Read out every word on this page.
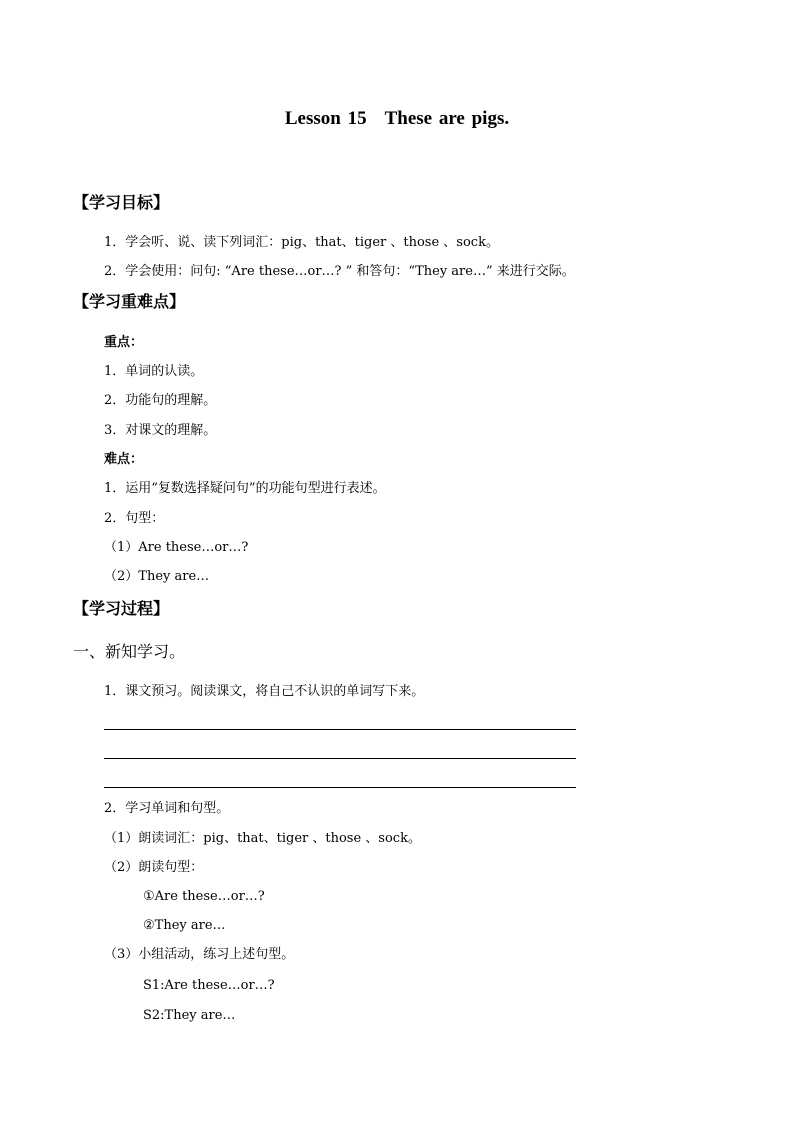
Lesson 15 These are pigs.
【学习目标】
1．学会听、说、读下列词汇：pig、that、tiger 、those 、sock。
2．学会使用：问句: “Are these…or…? ” 和答句：“They are…” 来进行交际。
【学习重难点】
重点：
1．单词的认读。
2．功能句的理解。
3．对课文的理解。
难点：
1．运用“复数选择疑问句”的功能句型进行表述。
2．句型：
（1）Are these…or…?
（2）They are…
【学习过程】
一、新知学习。
1．课文预习。阅读课文，将自己不认识的单词写下来。
2．学习单词和句型。
（1）朗读词汇：pig、that、tiger 、those 、sock。
（2）朗读句型：
①Are these…or…?
②They are…
（3）小组活动，练习上述句型。
S1:Are these…or…?
S2:They are…
